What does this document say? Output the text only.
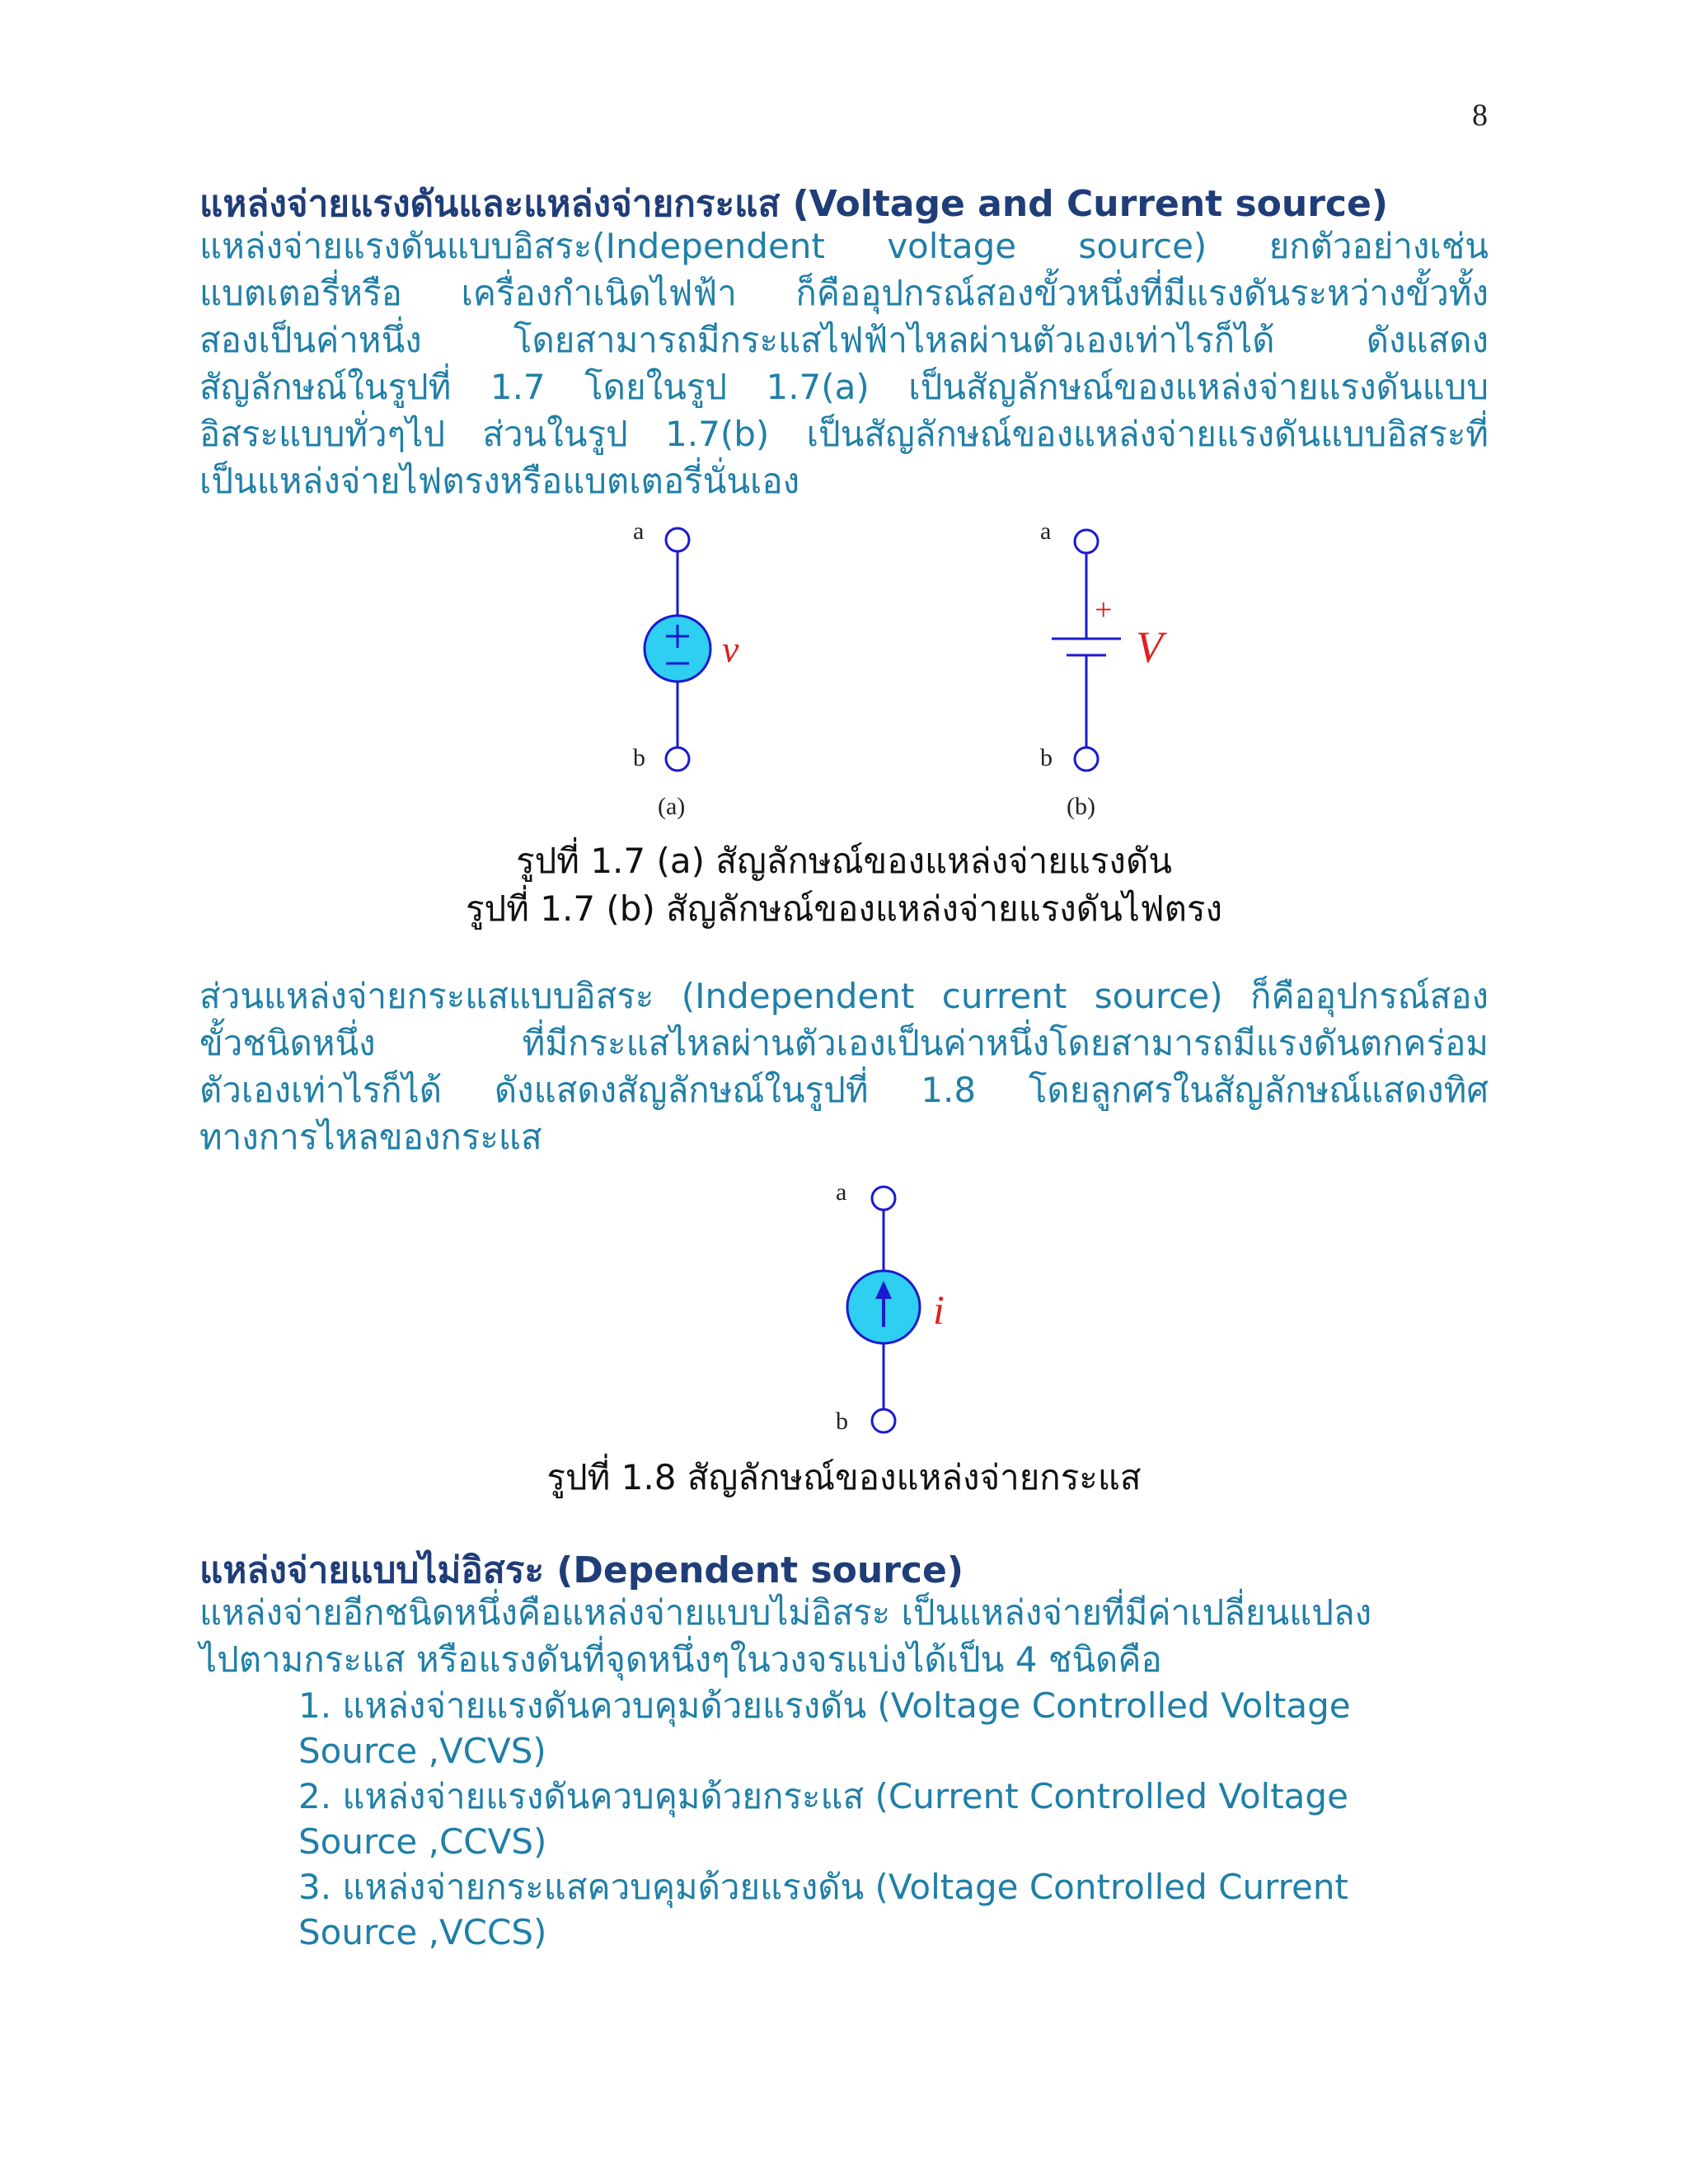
8
แหล่งจ่ายแรงดันและแหล่งจ่ายกระแส (Voltage and Current source)
แหล่งจ่ายแรงดันแบบอิสระ(Independent voltage source) ยกตัวอย่างเช่น
แบตเตอรี่หรือ เครื่องกำเนิดไฟฟ้า ก็คืออุปกรณ์สองขั้วหนึ่งที่มีแรงดันระหว่างขั้วทั้ง
สองเป็นค่าหนึ่ง โดยสามารถมีกระแสไฟฟ้าไหลผ่านตัวเองเท่าไรก็ได้ ดังแสดง
สัญลักษณ์ในรูปที่ 1.7 โดยในรูป 1.7(a) เป็นสัญลักษณ์ของแหล่งจ่ายแรงดันแบบ
อิสระแบบทั่วๆไป ส่วนในรูป 1.7(b) เป็นสัญลักษณ์ของแหล่งจ่ายแรงดันแบบอิสระที่
เป็นแหล่งจ่ายไฟตรงหรือแบตเตอรี่นั่นเอง
a
v
b
(a)
a
+
V
b
(b)
รูปที่ 1.7 (a) สัญลักษณ์ของแหล่งจ่ายแรงดัน
รูปที่ 1.7 (b) สัญลักษณ์ของแหล่งจ่ายแรงดันไฟตรง
ส่วนแหล่งจ่ายกระแสแบบอิสระ (Independent current source) ก็คืออุปกรณ์สอง
ขั้วชนิดหนึ่ง ที่มีกระแสไหลผ่านตัวเองเป็นค่าหนึ่งโดยสามารถมีแรงดันตกคร่อม
ตัวเองเท่าไรก็ได้ ดังแสดงสัญลักษณ์ในรูปที่ 1.8 โดยลูกศรในสัญลักษณ์แสดงทิศ
ทางการไหลของกระแส
a
i
b
รูปที่ 1.8 สัญลักษณ์ของแหล่งจ่ายกระแส
แหล่งจ่ายแบบไม่อิสระ (Dependent source)
แหล่งจ่ายอีกชนิดหนึ่งคือแหล่งจ่ายแบบไม่อิสระ เป็นแหล่งจ่ายที่มีค่าเปลี่ยนแปลง
ไปตามกระแส หรือแรงดันที่จุดหนึ่งๆในวงจรแบ่งได้เป็น 4 ชนิดคือ
1. แหล่งจ่ายแรงดันควบคุมด้วยแรงดัน (Voltage Controlled Voltage
Source ,VCVS)
2. แหล่งจ่ายแรงดันควบคุมด้วยกระแส (Current Controlled Voltage
Source ,CCVS)
3. แหล่งจ่ายกระแสควบคุมด้วยแรงดัน (Voltage Controlled Current
Source ,VCCS)
